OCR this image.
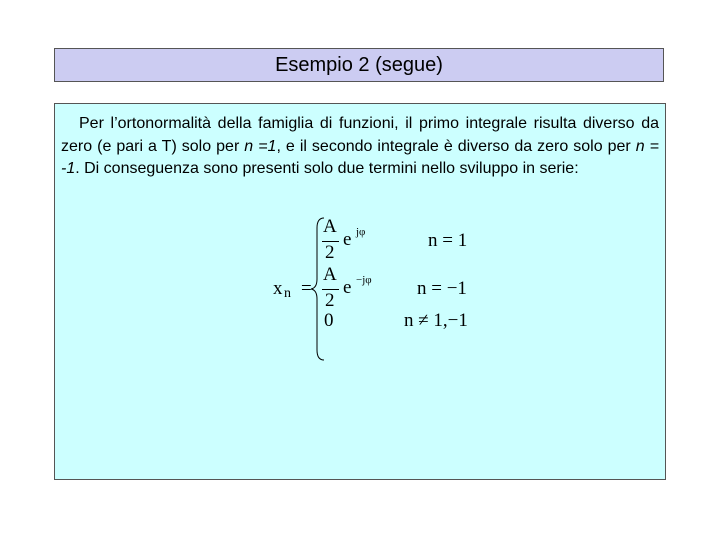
Esempio 2 (segue)
Per l’ortonormalità della famiglia di funzioni, il primo integrale risulta diverso da zero (e pari a T) solo per n =1, e il secondo integrale è diverso da zero solo per n = -1. Di conseguenza sono presenti solo due termini nello sviluppo in serie:
x n =
A
2
e jφ	n = 1
A
2
e −jφ n = −1
0	n ≠ 1,−1
